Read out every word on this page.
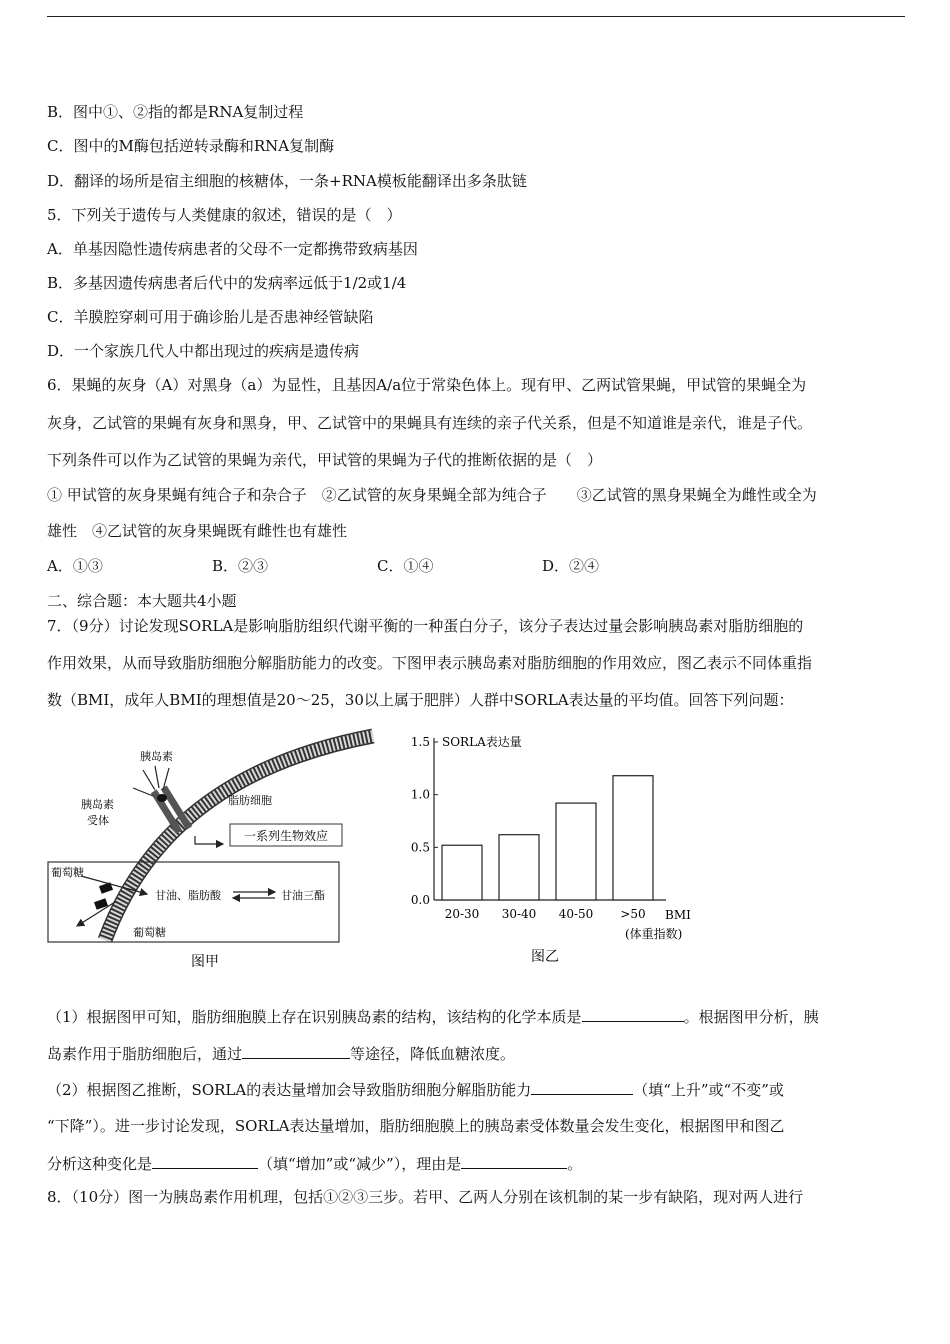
B．图中①、②指的都是RNA复制过程
C．图中的M酶包括逆转录酶和RNA复制酶
D．翻译的场所是宿主细胞的核糖体，一条+RNA模板能翻译出多条肽链
5．下列关于遗传与人类健康的叙述，错误的是（　）
A．单基因隐性遗传病患者的父母不一定都携带致病基因
B．多基因遗传病患者后代中的发病率远低于1/2或1/4
C．羊膜腔穿刺可用于确诊胎儿是否患神经管缺陷
D．一个家族几代人中都出现过的疾病是遗传病
6．果蝇的灰身（A）对黑身（a）为显性，且基因A/a位于常染色体上。现有甲、乙两试管果蝇，甲试管的果蝇全为
灰身，乙试管的果蝇有灰身和黑身，甲、乙试管中的果蝇具有连续的亲子代关系，但是不知道谁是亲代，谁是子代。
下列条件可以作为乙试管的果蝇为亲代，甲试管的果蝇为子代的推断依据的是（　）
① 甲试管的灰身果蝇有纯合子和杂合子　②乙试管的灰身果蝇全部为纯合子　　③乙试管的黑身果蝇全为雌性或全为
雄性　④乙试管的灰身果蝇既有雌性也有雄性
A．①③	B．②③	C．①④	D．②④
二、综合题：本大题共4小题
7．（9分）讨论发现SORLA是影响脂肪组织代谢平衡的一种蛋白分子，该分子表达过量会影响胰岛素对脂肪细胞的
作用效果，从而导致脂肪细胞分解脂肪能力的改变。下图甲表示胰岛素对脂肪细胞的作用效应，图乙表示不同体重指
数（BMI，成年人BMI的理想值是20～25，30以上属于肥胖）人群中SORLA表达量的平均值。回答下列问题：
一系列生物效应
胰岛素
胰岛素
受体
脂肪细胞
葡萄糖
甘油、脂肪酸	甘油三酯
葡萄糖
图甲
0.0
0.5
1.0
1.5
20-30 30-40 40-50 >50
SORLA表达量
BMI
(体重指数)
图乙
（1）根据图甲可知，脂肪细胞膜上存在识别胰岛素的结构，该结构的化学本质是	。根据图甲分析，胰
岛素作用于脂肪细胞后，通过	等途径，降低血糖浓度。
（2）根据图乙推断，SORLA的表达量增加会导致脂肪细胞分解脂肪能力	（填“上升”或“不变”或
“下降”）。进一步讨论发现，SORLA表达量增加，脂肪细胞膜上的胰岛素受体数量会发生变化，根据图甲和图乙
分析这种变化是	（填“增加”或“减少”），理由是	。
8．（10分）图一为胰岛素作用机理，包括①②③三步。若甲、乙两人分别在该机制的某一步有缺陷，现对两人进行
